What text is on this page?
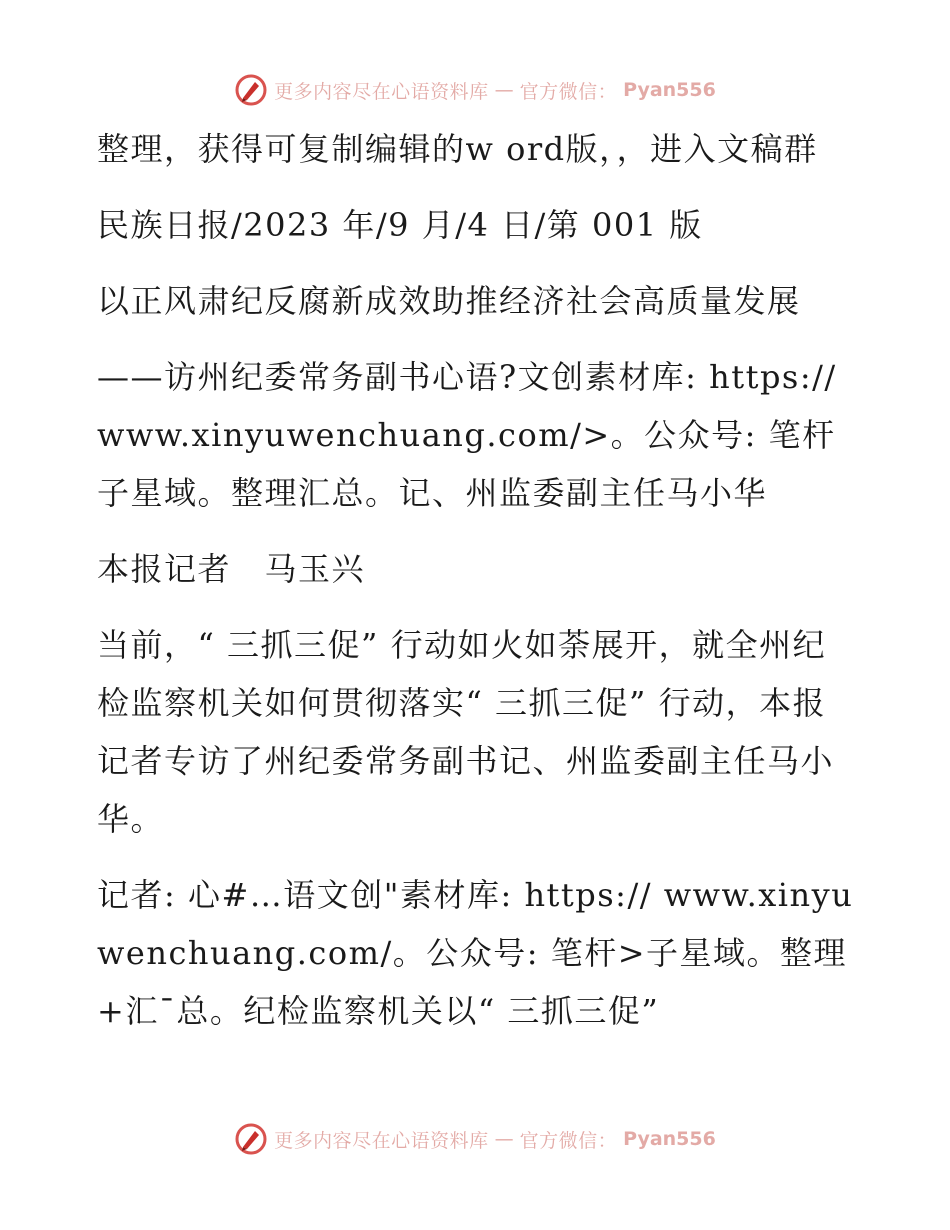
更多内容尽在心语资料库 — 官方微信： Pyan556

整理，获得可复制编辑的w ord版，，进入文稿群

民族日报/2023 年/9 月/4 日/第 001 版

以正风肃纪反腐新成效助推经济社会高质量发展

——访州纪委常务副书心语?文创素材库: https://www.xinyuwenchuang.com/>。公众号: 笔杆子星域。整理汇总。记、州监委副主任马小华

本报记者　马玉兴

当前，“ 三抓三促” 行动如火如荼展开，就全州纪检监察机关如何贯彻落实“ 三抓三促” 行动，本报记者专访了州纪委常务副书记、州监委副主任马小华。

记者: 心#…语文创"素材库: https:// www.xinyuwenchuang.com/。公众号: 笔杆>子星域。整理+汇¯总。纪检监察机关以“ 三抓三促”

更多内容尽在心语资料库 — 官方微信： Pyan556
